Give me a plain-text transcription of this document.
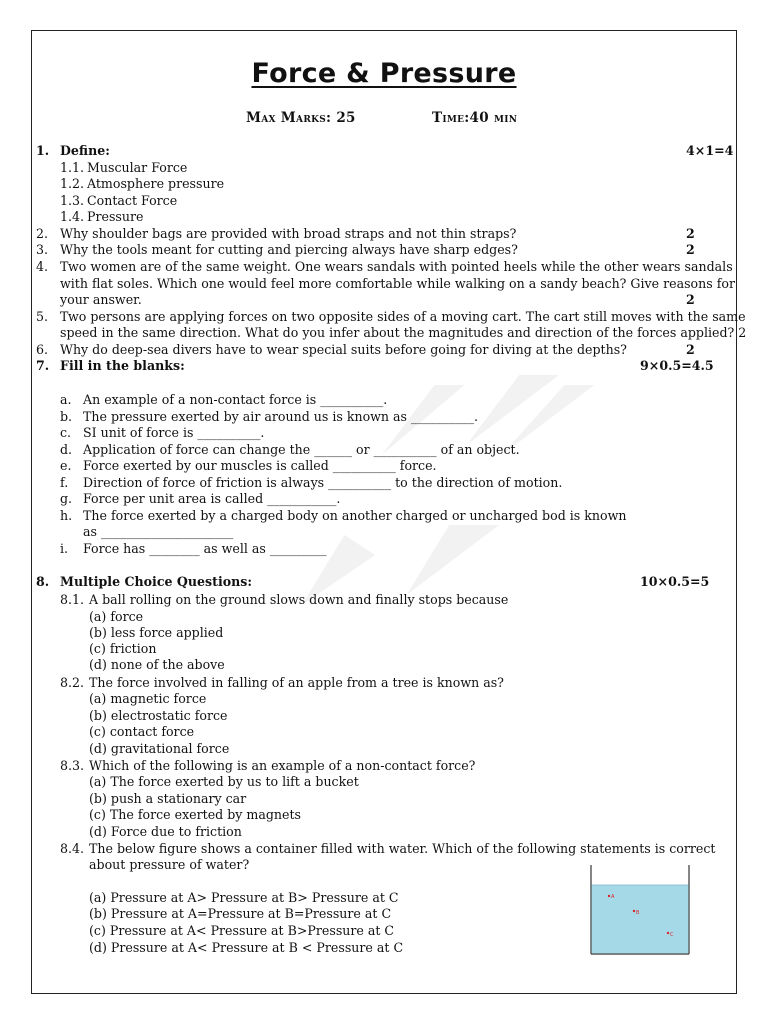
Force & Pressure
Max Marks: 25	Time:40 min
1. Define:	4×1=4
1.1. Muscular Force
1.2. Atmosphere pressure
1.3. Contact Force
1.4. Pressure
2. Why shoulder bags are provided with broad straps and not thin straps?	2
3. Why the tools meant for cutting and piercing always have sharp edges?	2
4. Two women are of the same weight. One wears sandals with pointed heels while the other wears sandals
with flat soles. Which one would feel more comfortable while walking on a sandy beach? Give reasons for
your answer.	2
5. Two persons are applying forces on two opposite sides of a moving cart. The cart still moves with the same
speed in the same direction. What do you infer about the magnitudes and direction of the forces applied? 2
6. Why do deep-sea divers have to wear special suits before going for diving at the depths?	2
7. Fill in the blanks:	9×0.5=4.5
a. An example of a non-contact force is __________.
b. The pressure exerted by air around us is known as __________.
c. SI unit of force is __________.
d. Application of force can change the ______ or __________ of an object.
e. Force exerted by our muscles is called __________ force.
f. Direction of force of friction is always __________ to the direction of motion.
g. Force per unit area is called ___________.
h. The force exerted by a charged body on another charged or uncharged bod is known
as _____________________
i. Force has ________ as well as _________
8. Multiple Choice Questions:	10×0.5=5
8.1. A ball rolling on the ground slows down and finally stops because
(a) force
(b) less force applied
(c) friction
(d) none of the above
8.2. The force involved in falling of an apple from a tree is known as?
(a) magnetic force
(b) electrostatic force
(c) contact force
(d) gravitational force
8.3. Which of the following is an example of a non-contact force?
(a) The force exerted by us to lift a bucket
(b) push a stationary car
(c) The force exerted by magnets
(d) Force due to friction
8.4. The below figure shows a container filled with water. Which of the following statements is correct
about pressure of water?
(a) Pressure at A> Pressure at B> Pressure at C
(b) Pressure at A=Pressure at B=Pressure at C
(c) Pressure at A< Pressure at B>Pressure at C
(d) Pressure at A< Pressure at B < Pressure at C
A
B
C
